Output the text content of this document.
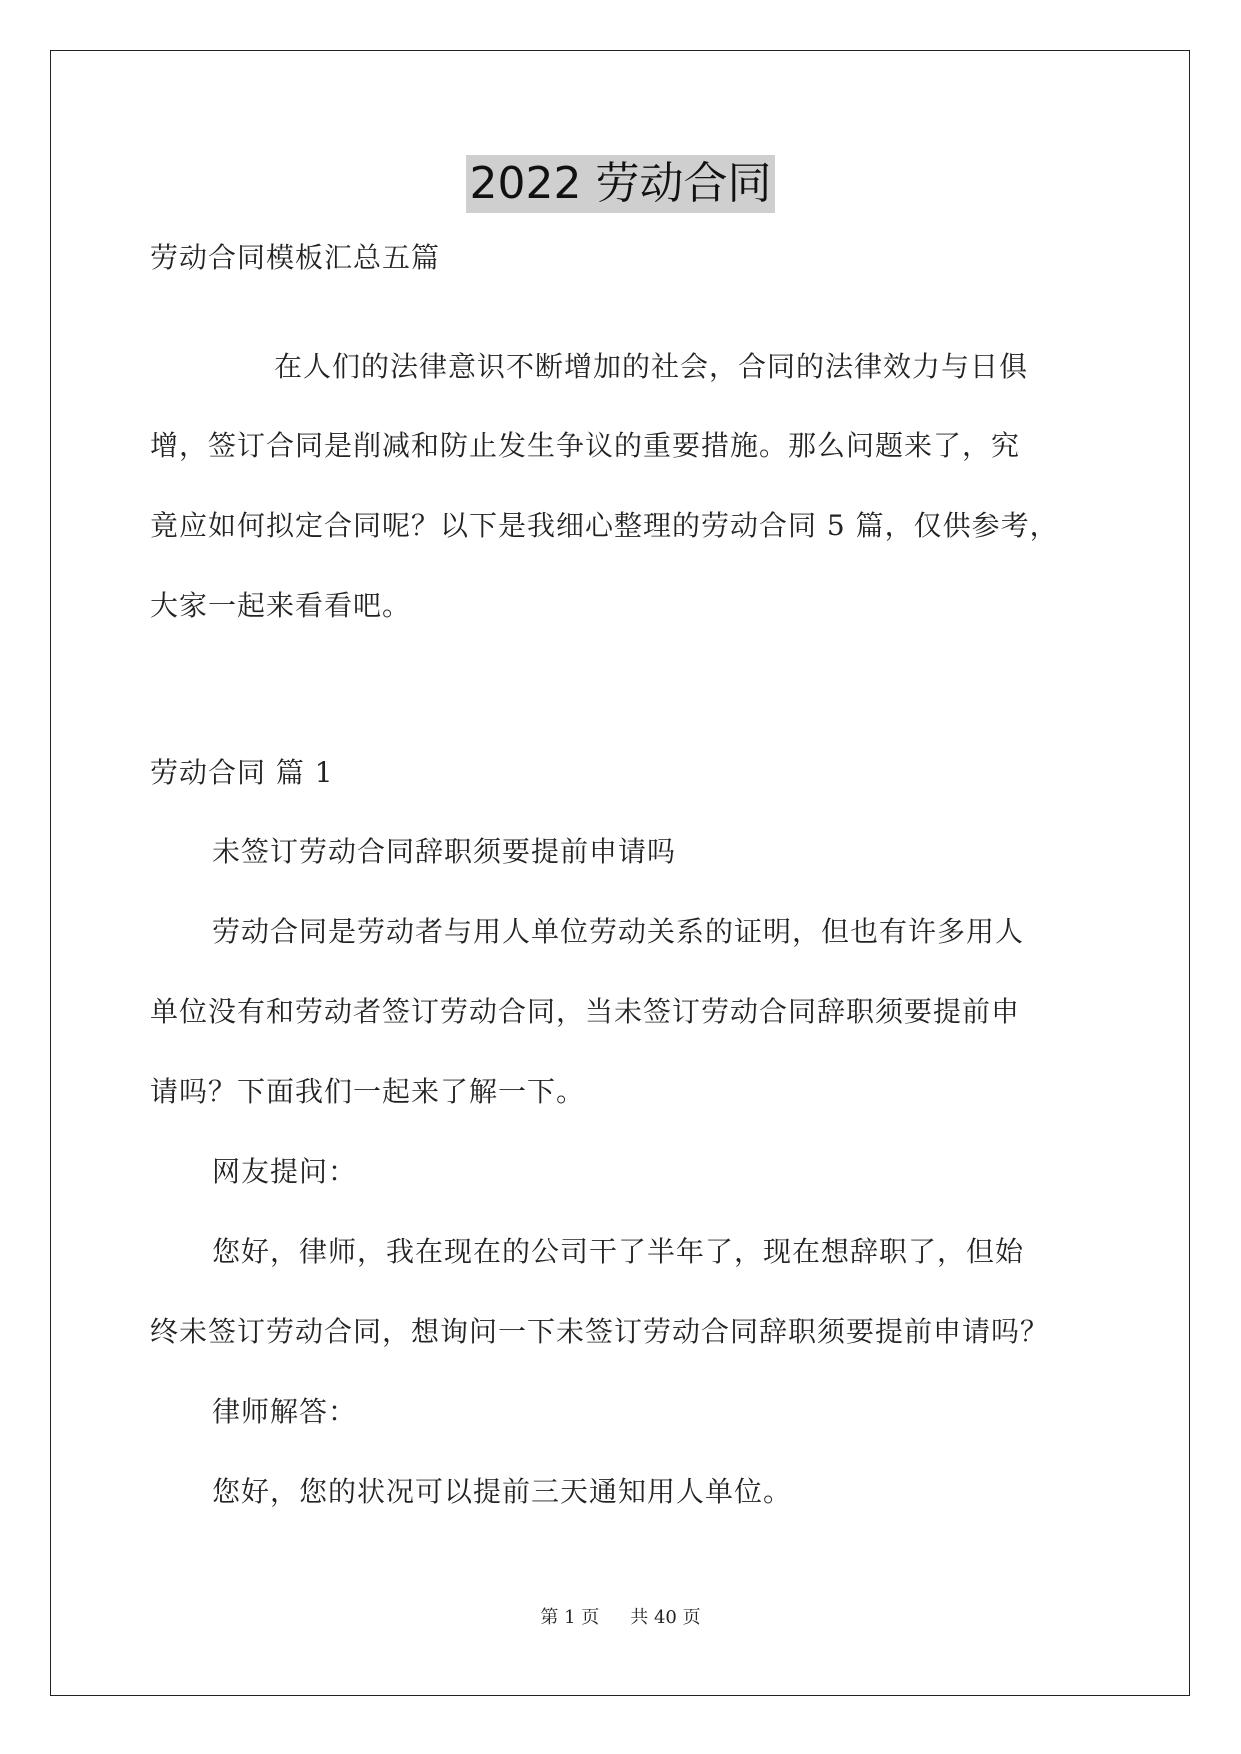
2022 劳动合同
劳动合同模板汇总五篇
在人们的法律意识不断增加的社会，合同的法律效力与日俱
增，签订合同是削减和防止发生争议的重要措施。那么问题来了，究
竟应如何拟定合同呢？以下是我细心整理的劳动合同 5 篇，仅供参考，
大家一起来看看吧。
劳动合同 篇 1
未签订劳动合同辞职须要提前申请吗
劳动合同是劳动者与用人单位劳动关系的证明，但也有许多用人
单位没有和劳动者签订劳动合同，当未签订劳动合同辞职须要提前申
请吗？下面我们一起来了解一下。
网友提问：
您好，律师，我在现在的公司干了半年了，现在想辞职了，但始
终未签订劳动合同，想询问一下未签订劳动合同辞职须要提前申请吗？
律师解答：
您好，您的状况可以提前三天通知用人单位。
第 1 页 共 40 页
